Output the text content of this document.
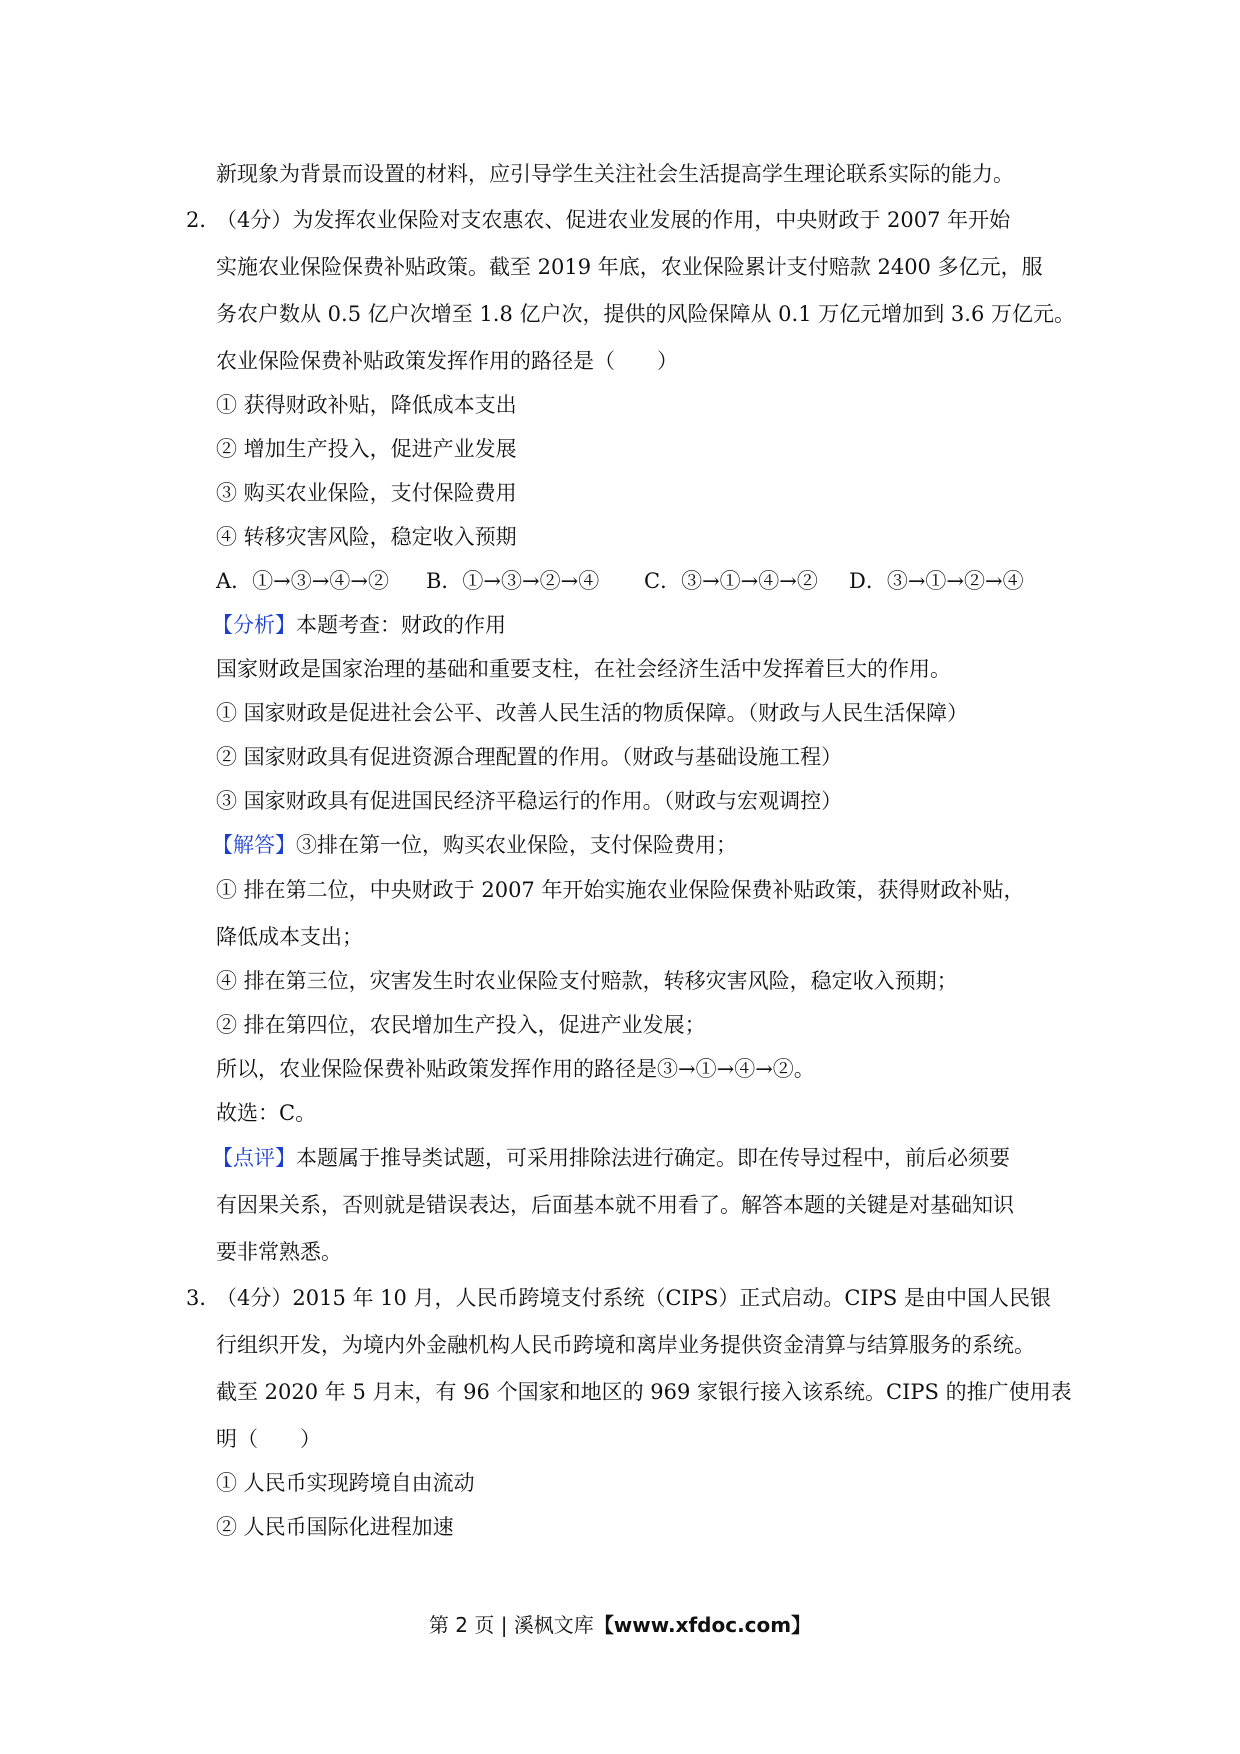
新现象为背景而设置的材料，应引导学生关注社会生活提高学生理论联系实际的能力。
2．
（4分）为发挥农业保险对支农惠农、促进农业发展的作用，中央财政于 2007 年开始
实施农业保险保费补贴政策。截至 2019 年底，农业保险累计支付赔款 2400 多亿元，服
务农户数从 0.5 亿户次增至 1.8 亿户次，提供的风险保障从 0.1 万亿元增加到 3.6 万亿元。
农业保险保费补贴政策发挥作用的路径是（　　）
① 获得财政补贴，降低成本支出
② 增加生产投入，促进产业发展
③ 购买农业保险，支付保险费用
④ 转移灾害风险，稳定收入预期
A．①→③→④→② B．①→③→②→④ C．③→①→④→② D．③→①→②→④
【分析】本题考查：财政的作用
国家财政是国家治理的基础和重要支柱，在社会经济生活中发挥着巨大的作用。
① 国家财政是促进社会公平、改善人民生活的物质保障。（财政与人民生活保障）
② 国家财政具有促进资源合理配置的作用。（财政与基础设施工程）
③ 国家财政具有促进国民经济平稳运行的作用。（财政与宏观调控）
【解答】③排在第一位，购买农业保险，支付保险费用；
① 排在第二位，中央财政于 2007 年开始实施农业保险保费补贴政策，获得财政补贴，
降低成本支出；
④ 排在第三位，灾害发生时农业保险支付赔款，转移灾害风险，稳定收入预期；
② 排在第四位，农民增加生产投入，促进产业发展；
所以，农业保险保费补贴政策发挥作用的路径是③→①→④→②。
故选：C。
【点评】本题属于推导类试题，可采用排除法进行确定。即在传导过程中，前后必须要
有因果关系，否则就是错误表达，后面基本就不用看了。解答本题的关键是对基础知识
要非常熟悉。
3．
（4分）2015 年 10 月，人民币跨境支付系统（CIPS）正式启动。CIPS 是由中国人民银
行组织开发，为境内外金融机构人民币跨境和离岸业务提供资金清算与结算服务的系统。
截至 2020 年 5 月末，有 96 个国家和地区的 969 家银行接入该系统。CIPS 的推广使用表
明（　　）
① 人民币实现跨境自由流动
② 人民币国际化进程加速
第 2 页 | 溪枫文库【www.xfdoc.com】
